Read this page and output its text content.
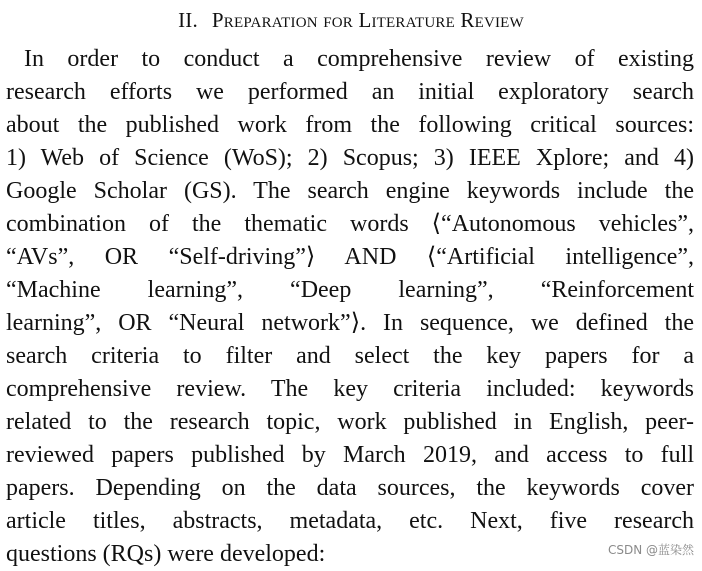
II. Preparation for Literature Review
In order to conduct a comprehensive review of existing
research efforts we performed an initial exploratory search
about the published work from the following critical sources:
1) Web of Science (WoS); 2) Scopus; 3) IEEE Xplore; and 4)
Google Scholar (GS). The search engine keywords include the
combination of the thematic words ⟨“Autonomous vehicles”,
“AVs”, OR “Self-driving”⟩ AND ⟨“Artificial intelligence”,
“Machine learning”, “Deep learning”, “Reinforcement
learning”, OR “Neural network”⟩. In sequence, we defined the
search criteria to filter and select the key papers for a
comprehensive review. The key criteria included: keywords
related to the research topic, work published in English, peer-
reviewed papers published by March 2019, and access to full
papers. Depending on the data sources, the keywords cover
article titles, abstracts, metadata, etc. Next, five research
questions (RQs) were developed:	CSDN @蓝染然
